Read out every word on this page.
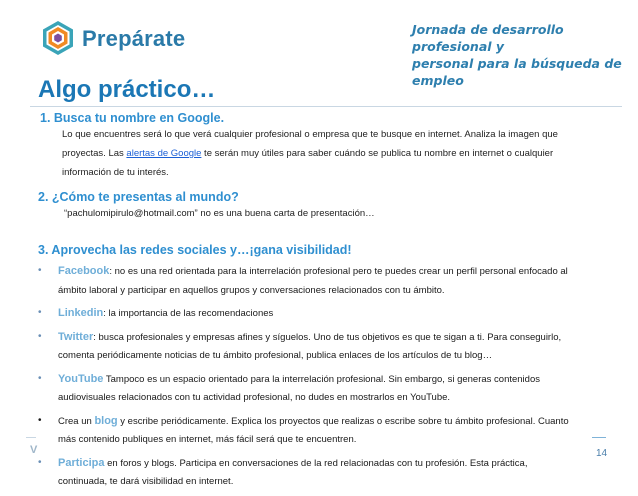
Prepárate	Jornada de desarrollo profesional y
personal para la búsqueda de empleo
Algo práctico…
1. Busca tu nombre en Google.
Lo que encuentres será lo que verá cualquier profesional o empresa que te busque en internet. Analiza la imagen que
proyectas. Las alertas de Google te serán muy útiles para saber cuándo se publica tu nombre en internet o cualquier
información de tu interés.
2. ¿Cómo te presentas al mundo?
“pachulomipirulo@hotmail.com” no es una buena carta de presentación…
3. Aprovecha las redes sociales y…¡gana visibilidad!
•	Facebook: no es una red orientada para la interrelación profesional pero te puedes crear un perfil personal enfocado al
ámbito laboral y participar en aquellos grupos y conversaciones relacionados con tu ámbito.
•	Linkedin: la importancia de las recomendaciones
•	Twitter: busca profesionales y empresas afines y síguelos. Uno de tus objetivos es que te sigan a ti. Para conseguirlo,
comenta periódicamente noticias de tu ámbito profesional, publica enlaces de los artículos de tu blog…
•	YouTube Tampoco es un espacio orientado para la interrelación profesional. Sin embargo, si generas contenidos
audiovisuales relacionados con tu actividad profesional, no dudes en mostrarlos en YouTube.
•	Crea un blog y escribe periódicamente. Explica los proyectos que realizas o escribe sobre tu ámbito profesional. Cuanto
más contenido publiques en internet, más fácil será que te encuentren.
•	Participa en foros y blogs. Participa en conversaciones de la red relacionadas con tu profesión. Esta práctica,
continuada, te dará visibilidad en internet.
V	14
